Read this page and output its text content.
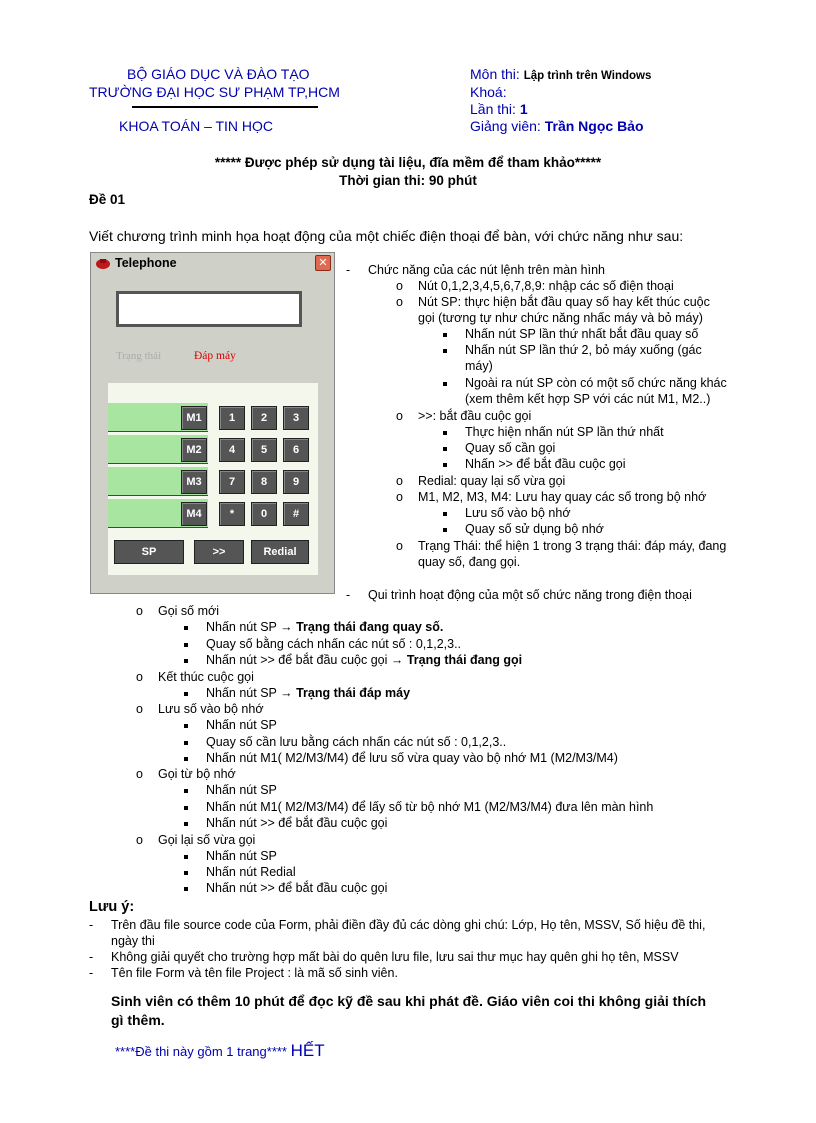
BỘ GIÁO DỤC VÀ ĐÀO TẠO
TRƯỜNG ĐẠI HỌC SƯ PHẠM TP,HCM
KHOA TOÁN – TIN HỌC
Môn thi: Lập trình trên Windows
Khoá:
Lần thi: 1
Giảng viên: Trần Ngọc Bảo
***** Được phép sử dụng tài liệu, đĩa mềm để tham khảo*****
Thời gian thi: 90 phút
Đề 01
Viết chương trình minh họa hoạt động của một chiếc điện thoại để bàn, với chức năng như sau:
Telephone	✕
Trạng thái	Đáp máy
M1
M2
M3
M4
1	2	3
4	5	6
7	8	9
*	0	#
SP	>>	Redial
- Chức năng của các nút lệnh trên màn hình
o Nút 0,1,2,3,4,5,6,7,8,9: nhập các số điện thoại
o Nút SP: thực hiện bắt đầu quay số hay kết thúc cuộc
gọi (tương tự như chức năng nhấc máy và bỏ máy)
Nhấn nút SP lần thứ nhất bắt đầu quay số
Nhấn nút SP lần thứ 2, bỏ máy xuống (gác
máy)
Ngoài ra nút SP còn có một số chức năng khác
(xem thêm kết hợp SP với các nút M1, M2..)
o >>: bắt đầu cuộc gọi
Thực hiện nhấn nút SP lần thứ nhất
Quay số cần gọi
Nhấn >> để bắt đầu cuộc gọi
o Redial: quay lại số vừa gọi
o M1, M2, M3, M4: Lưu hay quay các số trong bộ nhớ
Lưu số vào bộ nhớ
Quay số sử dụng bộ nhớ
o Trạng Thái: thể hiện 1 trong 3 trạng thái: đáp máy, đang
quay số, đang gọi.
- Qui trình hoạt động của một số chức năng trong điện thoại
o Gọi số mới
Nhấn nút SP → Trạng thái đang quay số.
Quay số bằng cách nhấn các nút số : 0,1,2,3..
Nhấn nút >> để bắt đầu cuộc gọi → Trạng thái đang gọi
o Kết thúc cuộc gọi
Nhấn nút SP → Trạng thái đáp máy
o Lưu số vào bộ nhớ
Nhấn nút SP
Quay số cần lưu bằng cách nhấn các nút số : 0,1,2,3..
Nhấn nút M1( M2/M3/M4) để lưu số vừa quay vào bộ nhớ M1 (M2/M3/M4)
o Gọi từ bộ nhớ
Nhấn nút SP
Nhấn nút M1( M2/M3/M4) để lấy số từ bộ nhớ M1 (M2/M3/M4) đưa lên màn hình
Nhấn nút >> để bắt đầu cuộc gọi
o Gọi lại số vừa gọi
Nhấn nút SP
Nhấn nút Redial
Nhấn nút >> để bắt đầu cuộc gọi
Lưu ý:
- Trên đầu file source code của Form, phải điền đầy đủ các dòng ghi chú: Lớp, Họ tên, MSSV, Số hiệu đề thi,
ngày thi
- Không giải quyết cho trường hợp mất bài do quên lưu file, lưu sai thư mục hay quên ghi họ tên, MSSV
- Tên file Form và tên file Project : là mã số sinh viên.
Sinh viên có thêm 10 phút để đọc kỹ đề sau khi phát đề. Giáo viên coi thi không giải thích
gì thêm.
****Đề thi này gồm 1 trang**** HẾT
